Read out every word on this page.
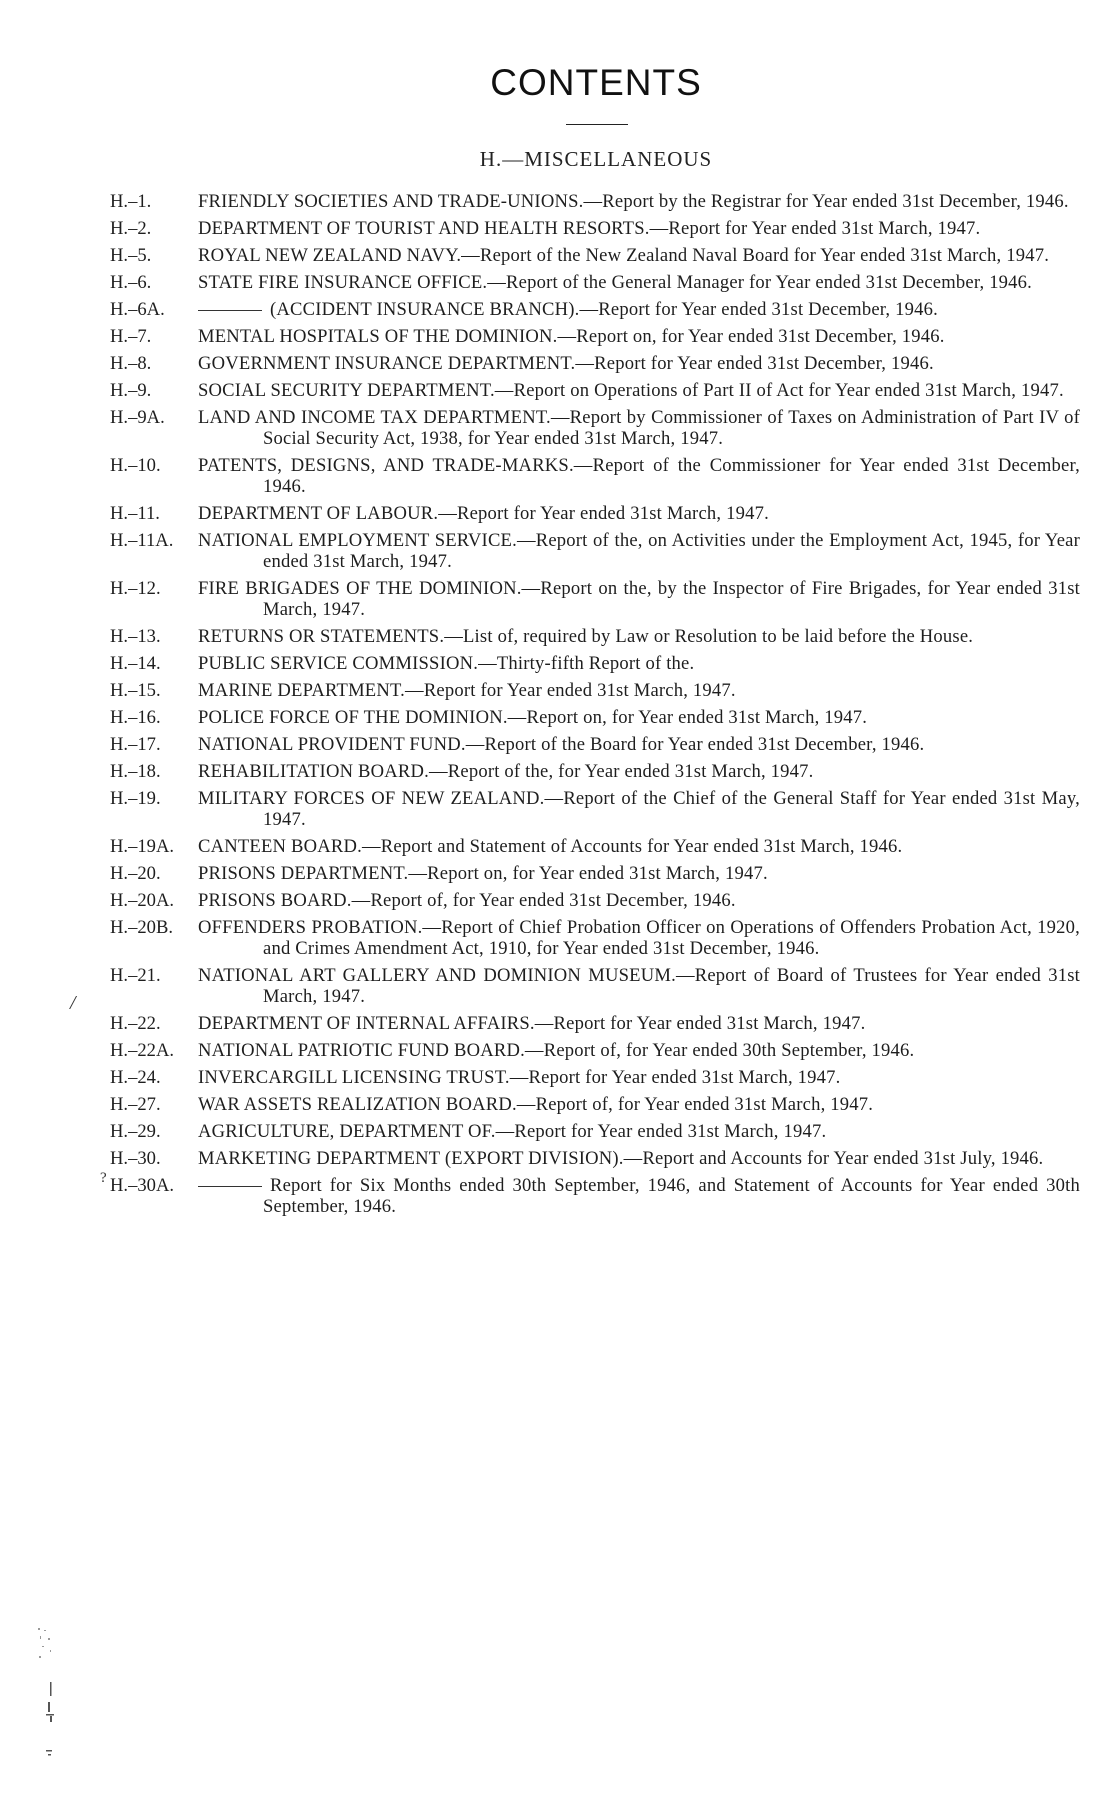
CONTENTS
H.—MISCELLANEOUS
H.–1.	FRIENDLY SOCIETIES AND TRADE-UNIONS.—Report by the Registrar for Year ended 31st December, 1946.
H.–2.	DEPARTMENT OF TOURIST AND HEALTH RESORTS.—Report for Year ended 31st March, 1947.
H.–5.	ROYAL NEW ZEALAND NAVY.—Report of the New Zealand Naval Board for Year ended 31st March, 1947.
H.–6.	STATE FIRE INSURANCE OFFICE.—Report of the General Manager for Year ended 31st December, 1946.
H.–6A.	(ACCIDENT INSURANCE BRANCH).—Report for Year ended 31st December, 1946.
H.–7.	MENTAL HOSPITALS OF THE DOMINION.—Report on, for Year ended 31st December, 1946.
H.–8.	GOVERNMENT INSURANCE DEPARTMENT.—Report for Year ended 31st December, 1946.
H.–9.	SOCIAL SECURITY DEPARTMENT.—Report on Operations of Part II of Act for Year ended 31st March, 1947.
H.–9A. LAND AND INCOME TAX DEPARTMENT.—Report by Commissioner of Taxes on Administration of Part IV of Social Security Act, 1938, for Year ended 31st March, 1947.
H.–10. PATENTS, DESIGNS, AND TRADE-MARKS.—Report of the Commissioner for Year ended 31st December, 1946.
H.–11. DEPARTMENT OF LABOUR.—Report for Year ended 31st March, 1947.
H.–11A. NATIONAL EMPLOYMENT SERVICE.—Report of the, on Activities under the Employment Act, 1945, for Year ended 31st March, 1947.
H.–12. FIRE BRIGADES OF THE DOMINION.—Report on the, by the Inspector of Fire Brigades, for Year ended 31st March, 1947.
H.–13. RETURNS OR STATEMENTS.—List of, required by Law or Resolution to be laid before the House.
H.–14. PUBLIC SERVICE COMMISSION.—Thirty-fifth Report of the.
H.–15. MARINE DEPARTMENT.—Report for Year ended 31st March, 1947.
H.–16. POLICE FORCE OF THE DOMINION.—Report on, for Year ended 31st March, 1947.
H.–17. NATIONAL PROVIDENT FUND.—Report of the Board for Year ended 31st December, 1946.
H.–18. REHABILITATION BOARD.—Report of the, for Year ended 31st March, 1947.
H.–19. MILITARY FORCES OF NEW ZEALAND.—Report of the Chief of the General Staff for Year ended 31st May, 1947.
H.–19A. CANTEEN BOARD.—Report and Statement of Accounts for Year ended 31st March, 1946.
H.–20. PRISONS DEPARTMENT.—Report on, for Year ended 31st March, 1947.
H.–20A. PRISONS BOARD.—Report of, for Year ended 31st December, 1946.
H.–20B. OFFENDERS PROBATION.—Report of Chief Probation Officer on Operations of Offenders Probation Act, 1920, and Crimes Amendment Act, 1910, for Year ended 31st December, 1946.
H.–21. NATIONAL ART GALLERY AND DOMINION MUSEUM.—Report of Board of Trustees for Year ended 31st March, 1947.
H.–22. DEPARTMENT OF INTERNAL AFFAIRS.—Report for Year ended 31st March, 1947.
H.–22A. NATIONAL PATRIOTIC FUND BOARD.—Report of, for Year ended 30th September, 1946.
H.–24. INVERCARGILL LICENSING TRUST.—Report for Year ended 31st March, 1947.
H.–27. WAR ASSETS REALIZATION BOARD.—Report of, for Year ended 31st March, 1947.
H.–29. AGRICULTURE, DEPARTMENT OF.—Report for Year ended 31st March, 1947.
H.–30. MARKETING DEPARTMENT (EXPORT DIVISION).—Report and Accounts for Year ended 31st July, 1946.
H.–30A.	Report for Six Months ended 30th September, 1946, and Statement of Accounts for Year ended 30th September, 1946.
/
?
